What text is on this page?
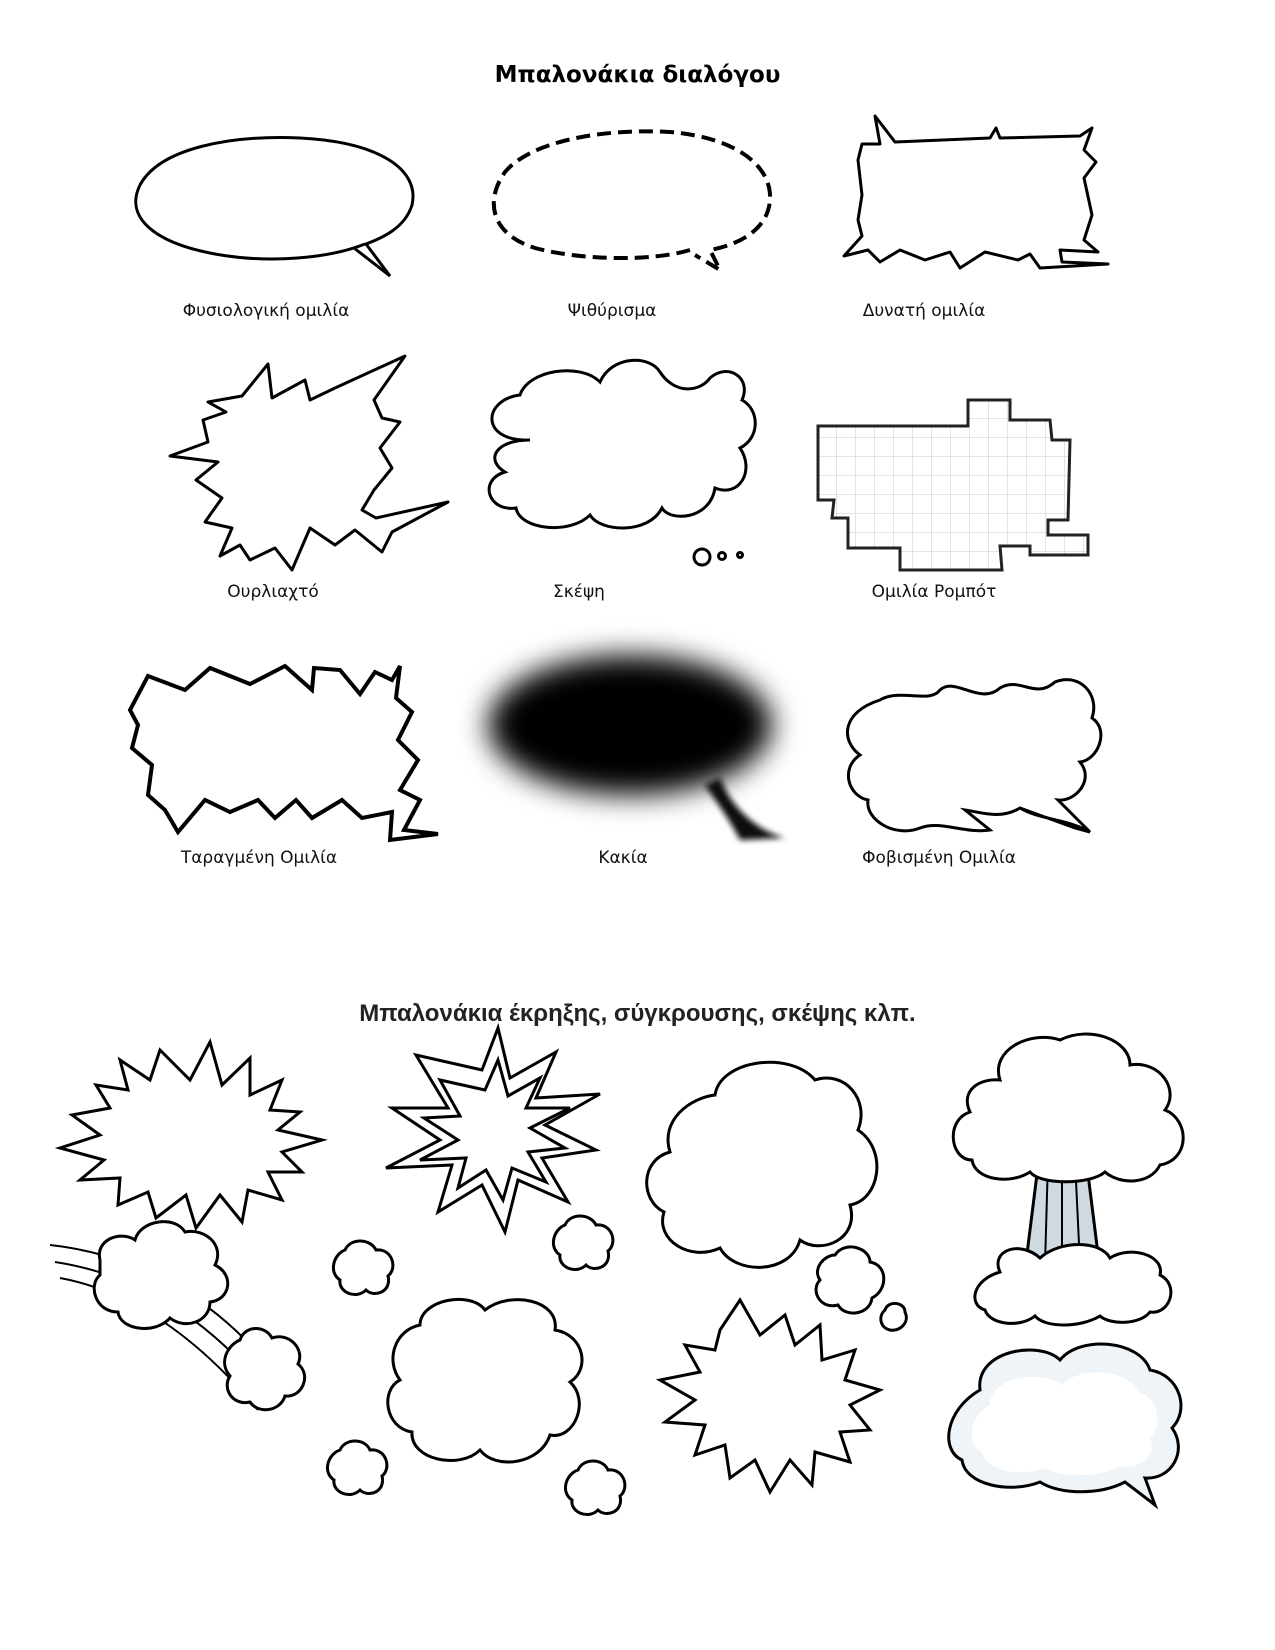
Μπαλονάκια διαλόγου
Φυσιολογική ομιλία	Ψιθύρισμα	Δυνατή ομιλία
Ουρλιαχτό	Σκέψη	Ομιλία Ρομπότ
Ταραγμένη Ομιλία	Κακία	Φοβισμένη Ομιλία
Μπαλονάκια έκρηξης, σύγκρουσης, σκέψης κλπ.
